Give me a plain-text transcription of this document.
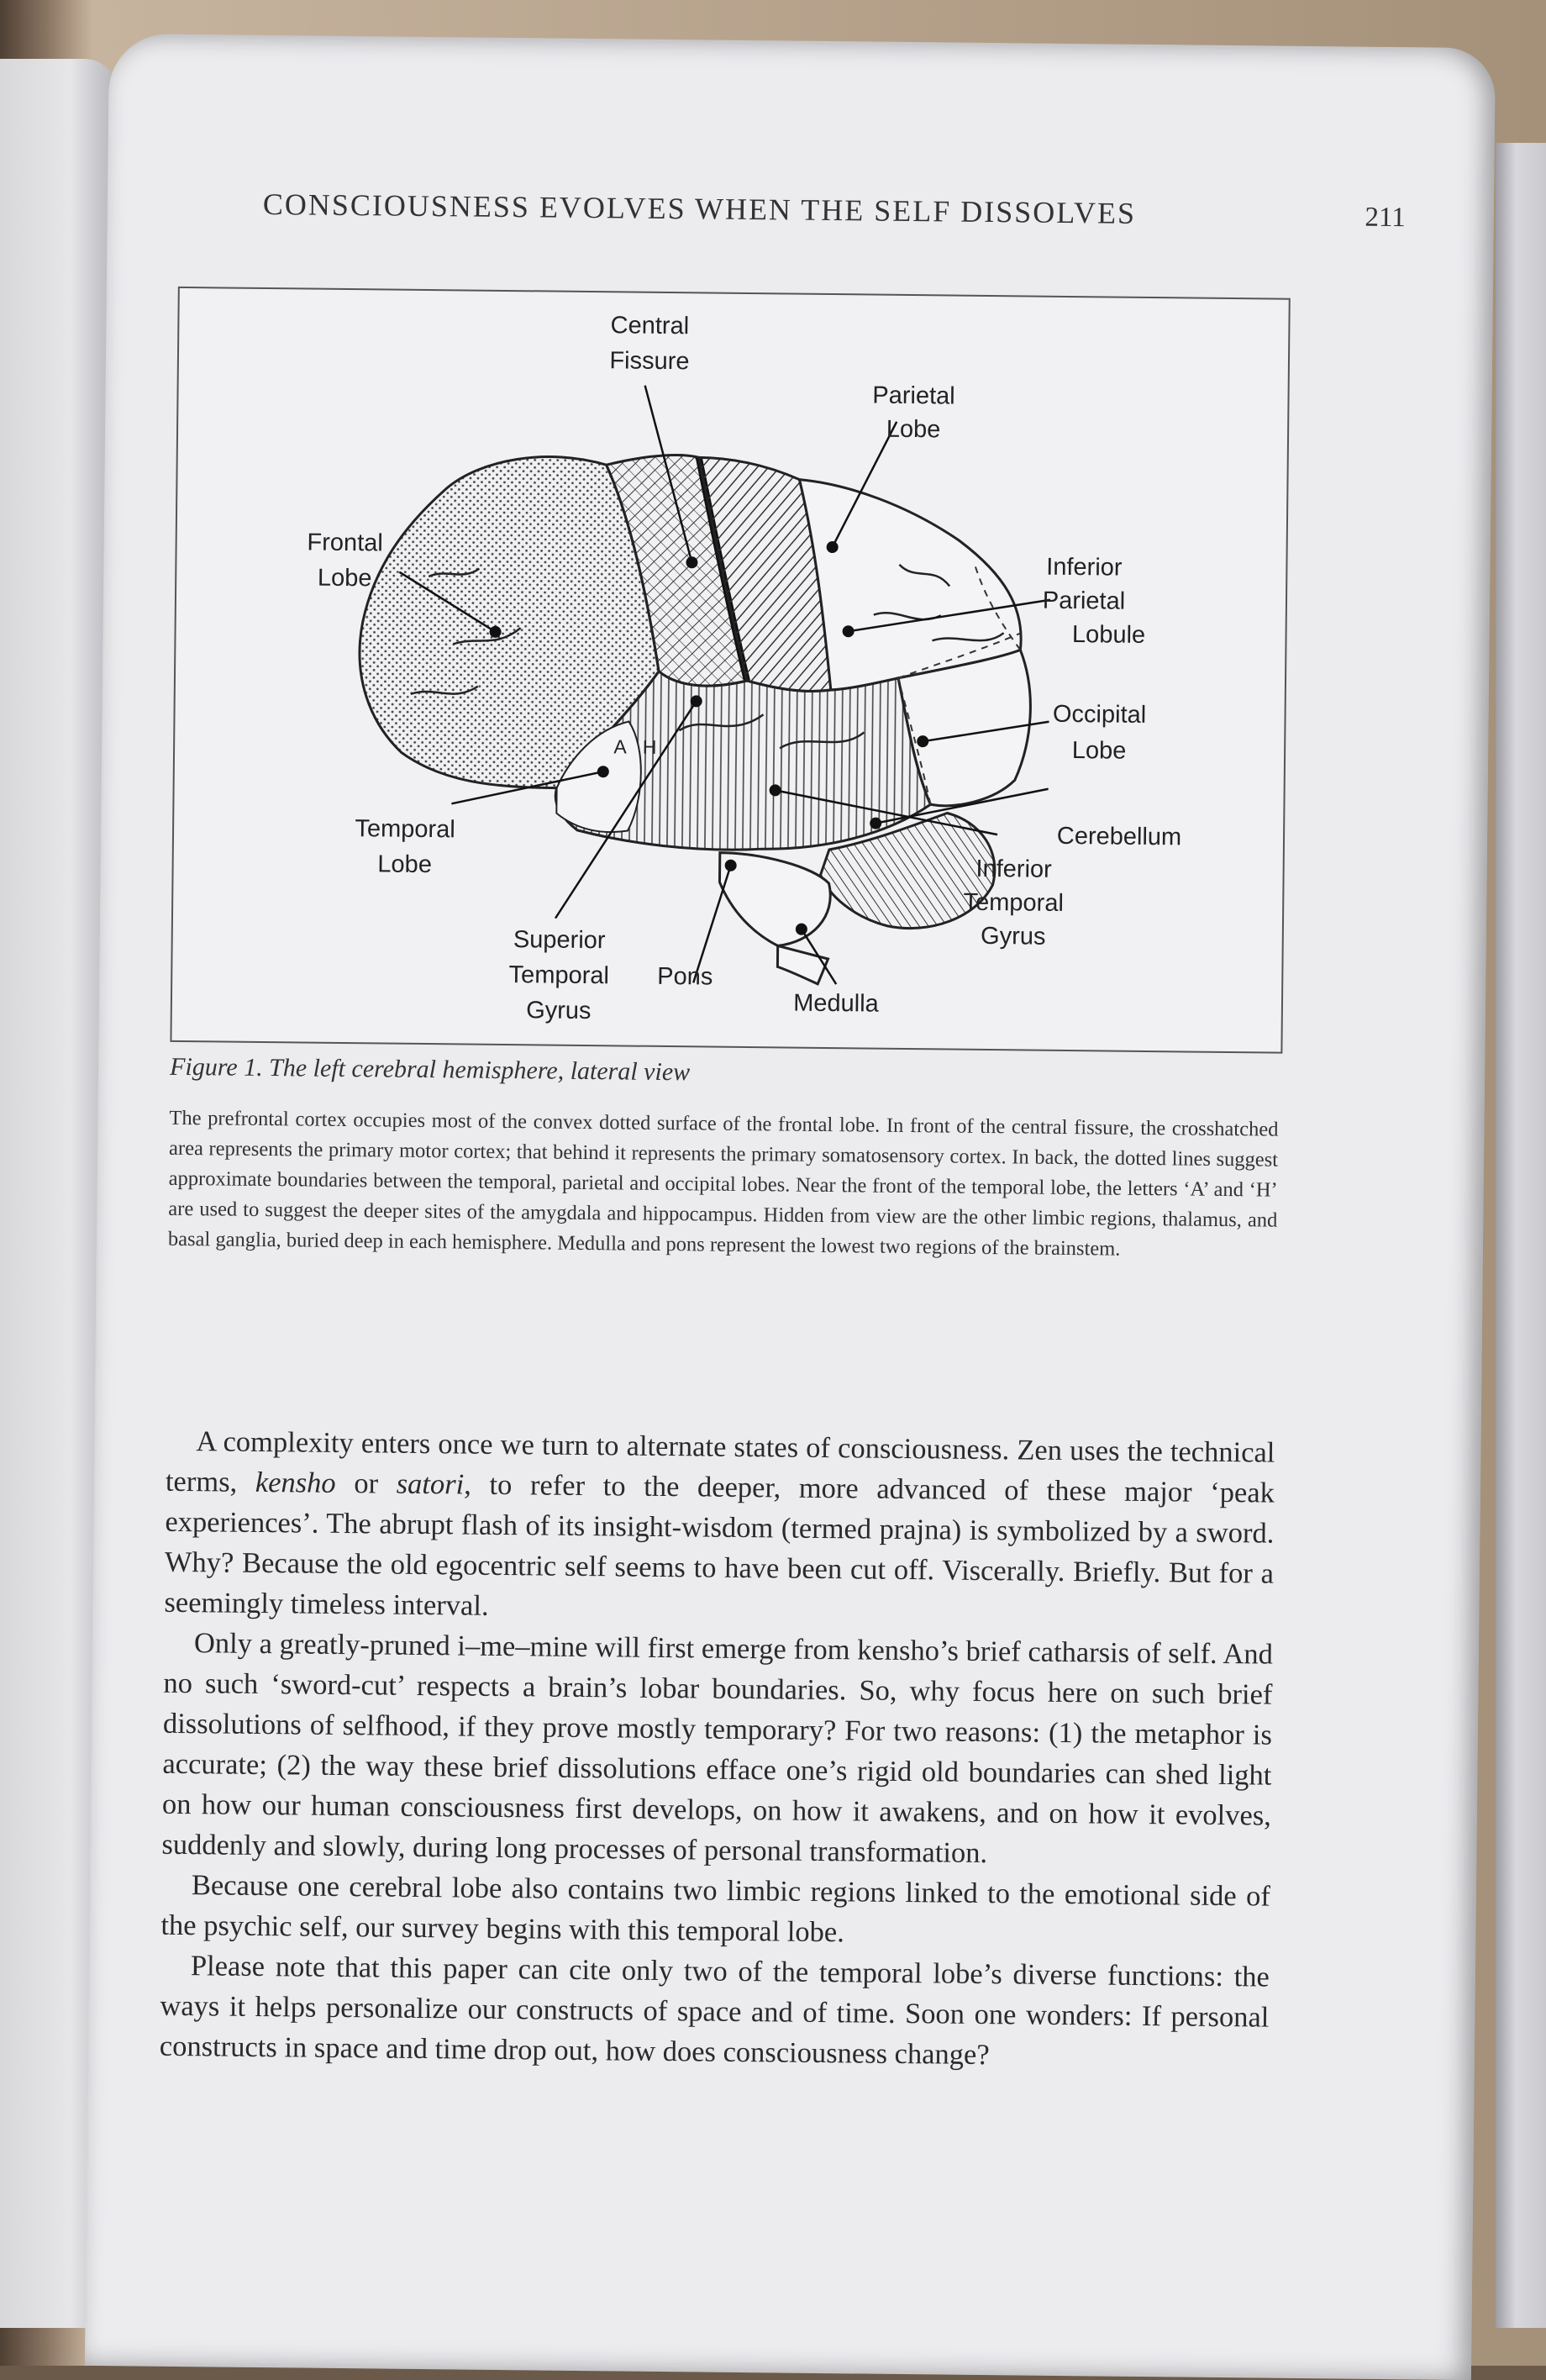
CONSCIOUSNESS EVOLVES WHEN THE SELF DISSOLVES	211
Central
Fissure
Parietal
Lobe
Frontal
Lobe	Inferior
Parietal
Lobule
Occipital
Lobe
Cerebellum
Temporal
Lobe	Inferior
Temporal
Gyrus
Superior
Temporal
Gyrus
Pons
Medulla
A H
Figure 1. The left cerebral hemisphere, lateral view
The prefrontal cortex occupies most of the convex dotted surface of the frontal lobe. In front of the central fissure, the crosshatched area represents the primary motor cortex; that behind it represents the primary somatosensory cortex. In back, the dotted lines suggest approximate boundaries between the temporal, parietal and occipital lobes. Near the front of the temporal lobe, the letters ‘A’ and ‘H’ are used to suggest the deeper sites of the amygdala and hippocampus. Hidden from view are the other limbic regions, thalamus, and basal ganglia, buried deep in each hemisphere. Medulla and pons represent the lowest two regions of the brainstem.

A complexity enters once we turn to alternate states of consciousness. Zen uses the technical terms, kensho or satori, to refer to the deeper, more advanced of these major ‘peak experiences’. The abrupt flash of its insight-wisdom (termed prajna) is symbolized by a sword. Why? Because the old egocentric self seems to have been cut off. Viscerally. Briefly. But for a seemingly timeless interval.

Only a greatly-pruned i–me–mine will first emerge from kensho’s brief catharsis of self. And no such ‘sword-cut’ respects a brain’s lobar boundaries. So, why focus here on such brief dissolutions of selfhood, if they prove mostly temporary? For two reasons: (1) the metaphor is accurate; (2) the way these brief dissolutions efface one’s rigid old boundaries can shed light on how our human consciousness first develops, on how it awakens, and on how it evolves, suddenly and slowly, during long processes of personal transformation.

Because one cerebral lobe also contains two limbic regions linked to the emotional side of the psychic self, our survey begins with this temporal lobe.

Please note that this paper can cite only two of the temporal lobe’s diverse functions: the ways it helps personalize our constructs of space and of time. Soon one wonders: If personal constructs in space and time drop out, how does consciousness change?
